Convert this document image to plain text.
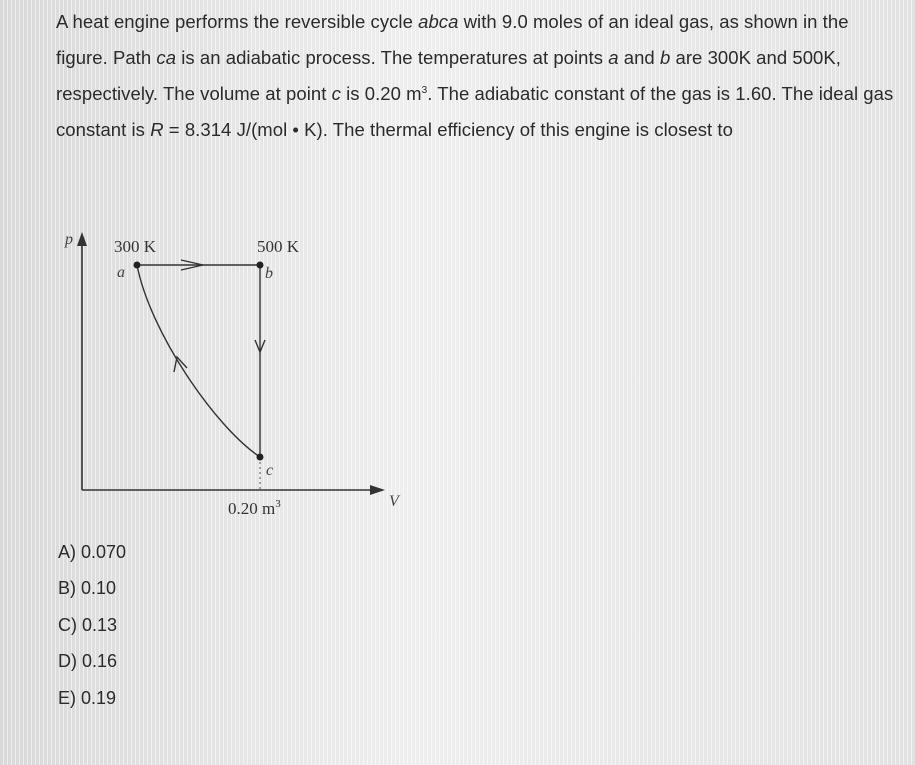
A heat engine performs the reversible cycle abca with 9.0 moles of an ideal gas, as shown in the figure. Path ca is an adiabatic process. The temperatures at points a and b are 300K and 500K, respectively. The volume at point c is 0.20 $m^3$. The adiabatic constant of the gas is 1.60. The ideal gas constant is R = 8.314 J/(mol • K). The thermal efficiency of this engine is closest to

p
V
300 K	500 K
a	b
c
0.20 $m^3$
A) 0.070
B) 0.10
C) 0.13
D) 0.16
E) 0.19
